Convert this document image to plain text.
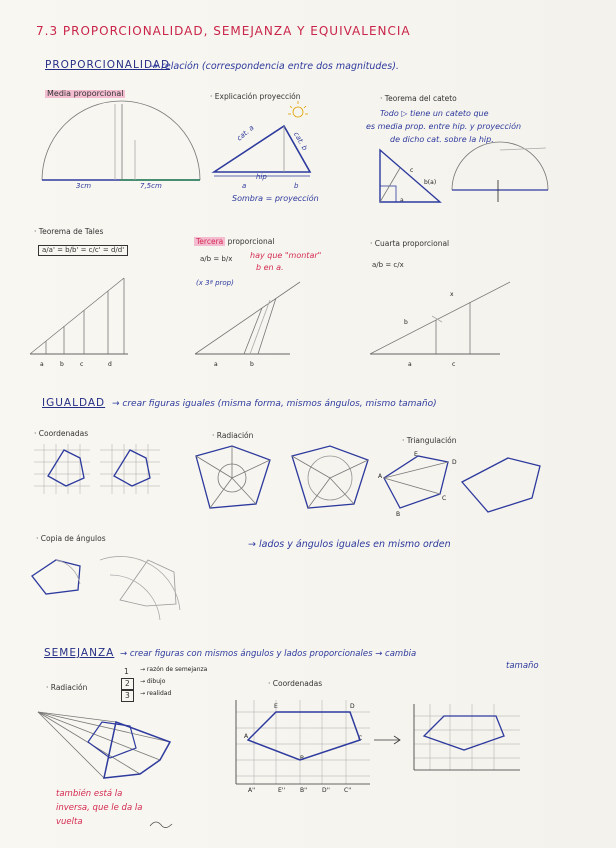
7.3 PROPORCIONALIDAD, SEMEJANZA Y EQUIVALENCIA
PROPORCIONALIDAD
→ relación (correspondencia entre dos magnitudes).
Media proporcional
3cm	7,5cm
· Explicación proyección
cat. a	cat. b
hip
a	b
Sombra = proyección
· Teorema del cateto
Todo ▷ tiene un cateto que
es media prop. entre hip. y proyección
de dicho cat. sobre la hip.
a
c
b(a)
· Teorema de Tales
a/a' = b/b' = c/c' = d/d'
a	b	c	d
Tercera proporcional
a/b = b/x hay que "montar"
b en a.
(x 3ª prop)
a	b
· Cuarta proporcional
a/b = c/x
a	c
b
x
IGUALDAD → crear figuras iguales (misma forma, mismos ángulos, mismo tamaño)
· Coordenadas	· Radiación
· Triangulación
· Copia de ángulos
→ lados y ángulos iguales en mismo orden
A
B
C
D
E
SEMEJANZA → crear figuras con mismos ángulos y lados proporcionales → cambia
tamaño
· Radiación
1
2
3
→ razón de semejanza
→ dibujo
→ realidad
· Coordenadas
también está la
inversa, que le da la
vuelta
E	D
A	C
B
A''	E'' B'' D'' C''
